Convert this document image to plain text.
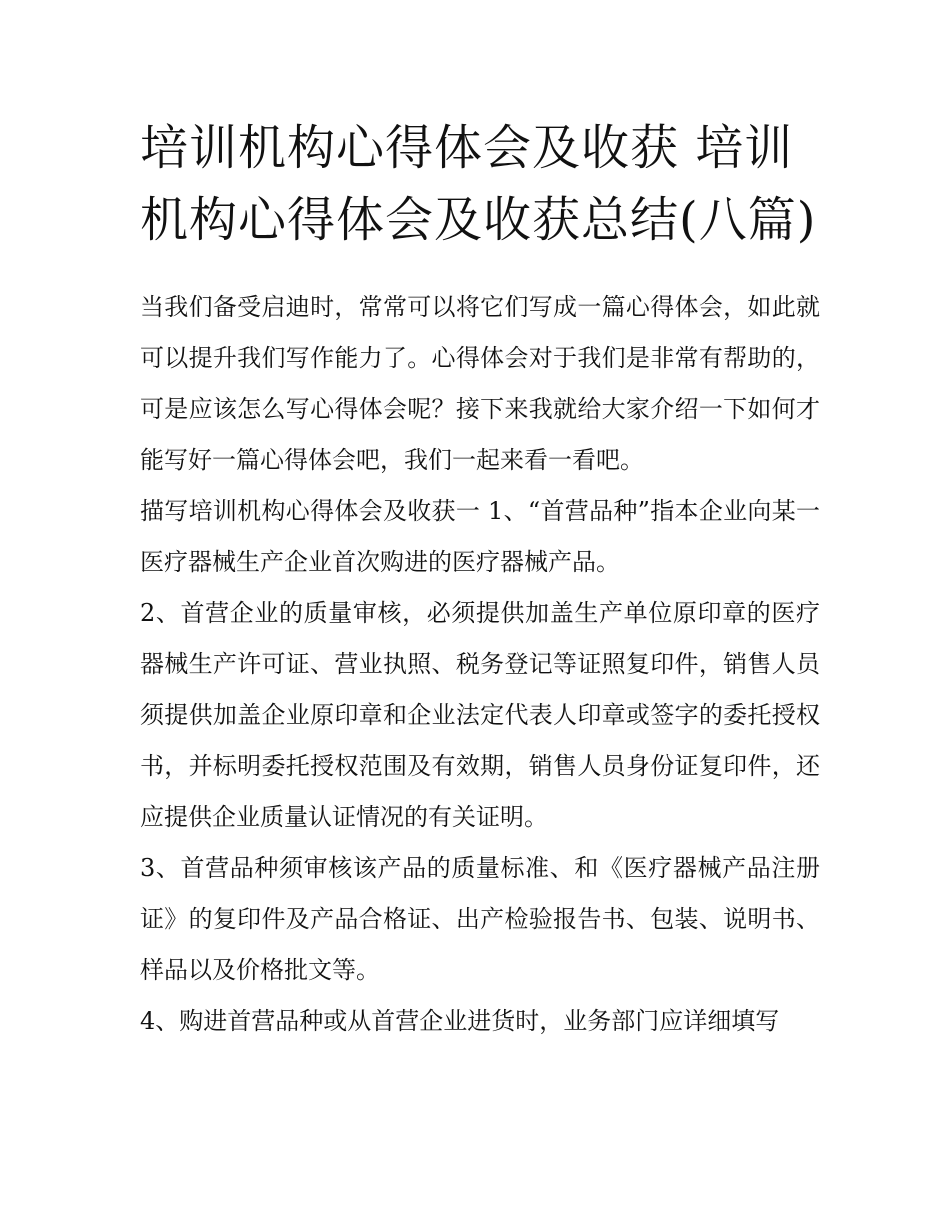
培训机构心得体会及收获 培训机构心得体会及收获总结(八篇)

当我们备受启迪时，常常可以将它们写成一篇心得体会，如此就可以提升我们写作能力了。心得体会对于我们是非常有帮助的，可是应该怎么写心得体会呢？接下来我就给大家介绍一下如何才能写好一篇心得体会吧，我们一起来看一看吧。

描写培训机构心得体会及收获一 1、“首营品种”指本企业向某一医疗器械生产企业首次购进的医疗器械产品。

2、首营企业的质量审核，必须提供加盖生产单位原印章的医疗器械生产许可证、营业执照、税务登记等证照复印件，销售人员须提供加盖企业原印章和企业法定代表人印章或签字的委托授权书，并标明委托授权范围及有效期，销售人员身份证复印件，还应提供企业质量认证情况的有关证明。

3、首营品种须审核该产品的质量标准、和《医疗器械产品注册证》的复印件及产品合格证、出产检验报告书、包装、说明书、样品以及价格批文等。

4、购进首营品种或从首营企业进货时，业务部门应详细填写
